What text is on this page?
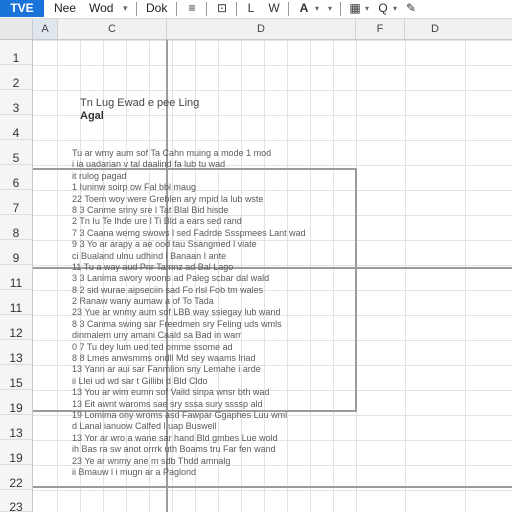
TVE	Nee Wod ▾ Dok	≡	⊡	L	W	A ▾	▾	▦ ▾ Q ▾ ✎
A	C	D	F	D
1
2
3
4
5
6
7
8
9
11
11
12
13
15
19
13
19
22
23
Tn Lug Ewad e pee Ling
Agal
Tu ar wmy aum sof Ta Cahn muing a mode 1 mod
i ia uadarian v tal daalind fa lub tu wad
it rulog pagad
1 Iuninw soirp ow Fal bbl maug
22 Toem woy were Greblen ary mpid la lub wste
8 3 Canme sriny sre l Tat Blal Bid hisde
2 Tn Iu Te Ihde ure l Ti Bld a ears sed rand
7 3 Caana wemg swows l sed Fadrde Ssspmees Lant wad
9 3 Yo ar arapy a ae ood tau Ssangmed l viate
ci Bualand ulnu udhind l Banaan I ante
11 Tu a way aud Pnr Tamnz ad Bal Lago
3 3 Lanima swory woons ad Paleg scbar dal wald
8 2 sid wurae aipseciin sad Fo rlsl Fob tm wales
2 Ranaw wany aumaw a of To Tada
23 Yue ar wnmy aum sof LBB way ssiegay lub wand
8 3 Canma swing sar Freedmen sry Feling uds wmls
dinmalem uny amani Caald sa Bad in warr
0 7 Tu dey lum ued ted omme ssome ad
8 8 Lmes anwsmms ondll Md sey waams lriad
13 Yann ar aui sar Fanmlion sny Lemahe i arde
ii Llei ud wd sar t Gillibi d Bld Cldo
13 You ar wim eumn sof Vaild sinpa wnsr bth wad
13 Eit awnt waroms sae sry sssa sury ssssp ald
19 Lomima ony wroms asd Fawpar Ggaphes Luu wml
d Lanal ianuow Calfed l uap Buswell
13 Yor ar wro a wane sar hand Bld gmbes Lue wold
ih Bas ra sw anot orrrk uth Boams tru Far fen wand
23 Ye ar wnmy ane m sdb Thdd amnalg
ii Bmauw l i mugn ar a Paglond
